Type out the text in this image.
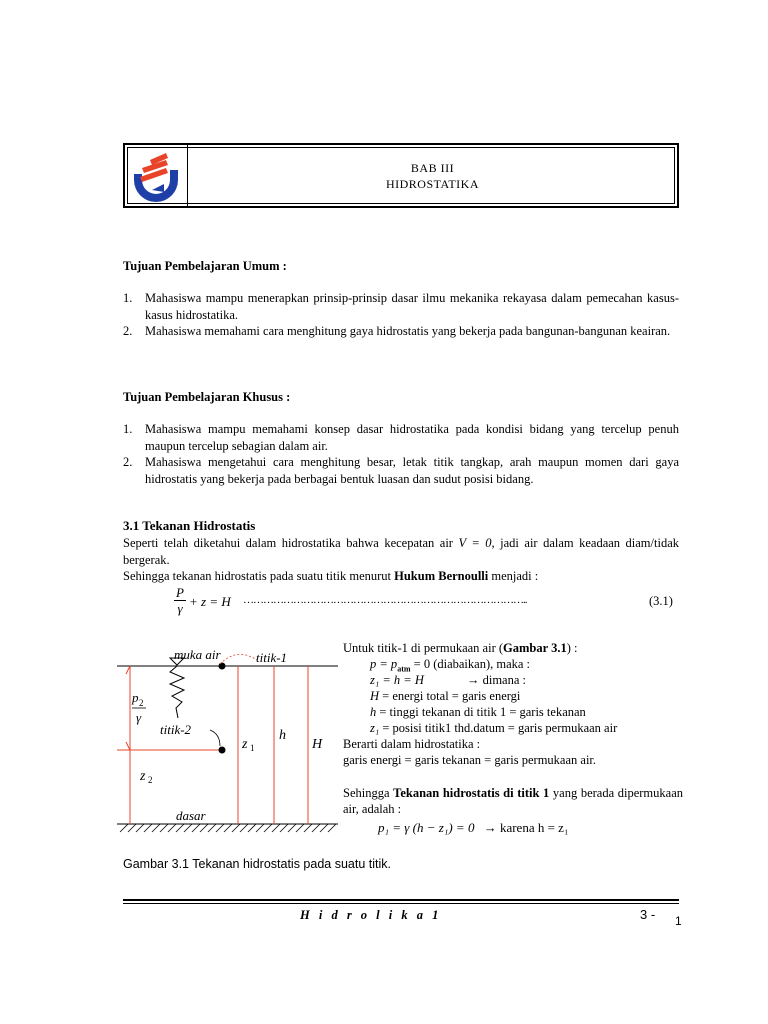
BAB III
HIDROSTATIKA
Tujuan Pembelajaran Umum :
1.	Mahasiswa mampu menerapkan prinsip-prinsip dasar ilmu mekanika rekayasa dalam pemecahan kasus-kasus hidrostatika.
2.	Mahasiswa memahami cara menghitung gaya hidrostatis yang bekerja pada bangunan-bangunan keairan.
Tujuan Pembelajaran Khusus :
1.	Mahasiswa mampu memahami konsep dasar hidrostatika pada kondisi bidang yang tercelup penuh maupun tercelup sebagian dalam air.
2.	Mahasiswa mengetahui cara menghitung besar, letak titik tangkap, arah maupun momen dari gaya hidrostatis yang bekerja pada berbagai bentuk luasan dan sudut posisi bidang.
3.1 Tekanan Hidrostatis
Seperti telah diketahui dalam hidrostatika bahwa kecepatan air V = 0, jadi air dalam keadaan diam/tidak bergerak.
Sehingga tekanan hidrostatis pada suatu titik menurut Hukum Bernoulli menjadi :
P
γ + z = H …………………………………………………………………………..	(3.1)
muka air	titik-1
titik-2
p 2
γ
z 1
h
H
z 2
dasar
Untuk titik-1 di permukaan air (Gambar 3.1) :
$p = p_{atm} = 0$ (diabaikan), maka :
z₁ = h = H	→ dimana :
H = energi total = garis energi
h = tinggi tekanan di titik 1 = garis tekanan
z₁ = posisi titik1 thd.datum = garis permukaan air
Berarti dalam hidrostatika :
garis energi = garis tekanan = garis permukaan air.
Sehingga Tekanan hidrostatis di titik 1 yang berada dipermukaan air, adalah :
p₁ = γ (h − z₁) = 0 → karena h = z₁
Gambar 3.1 Tekanan hidrostatis pada suatu titik.
H i d r o l i k a 1	3 - 1
